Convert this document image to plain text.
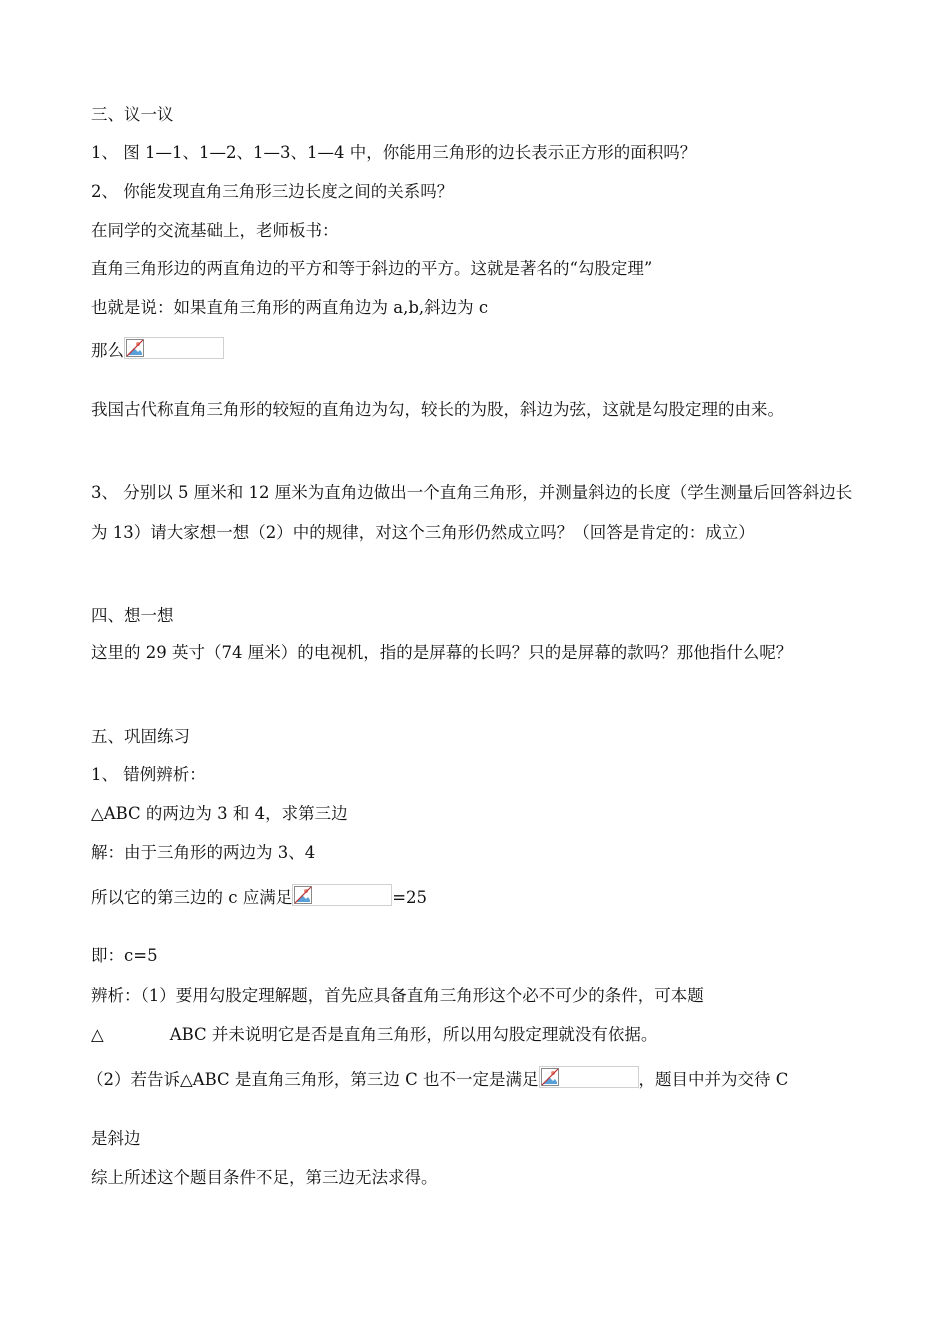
三、议一议
1、 图 1—1、1—2、1—3、1—4 中，你能用三角形的边长表示正方形的面积吗？
2、 你能发现直角三角形三边长度之间的关系吗？
在同学的交流基础上，老师板书：
直角三角形边的两直角边的平方和等于斜边的平方。这就是著名的“勾股定理”
也就是说：如果直角三角形的两直角边为 a,b,斜边为 c
那么
我国古代称直角三角形的较短的直角边为勾，较长的为股，斜边为弦，这就是勾股定理的由来。
3、 分别以 5 厘米和 12 厘米为直角边做出一个直角三角形，并测量斜边的长度（学生测量后回答斜边长为 13）请大家想一想（2）中的规律，对这个三角形仍然成立吗？（回答是肯定的：成立）
四、想一想
这里的 29 英寸（74 厘米）的电视机，指的是屏幕的长吗？只的是屏幕的款吗？那他指什么呢？
五、巩固练习
1、 错例辨析：
△ABC 的两边为 3 和 4，求第三边
解：由于三角形的两边为 3、4
所以它的第三边的 c 应满足	=25
即：c=5
辨析：（1）要用勾股定理解题，首先应具备直角三角形这个必不可少的条件，可本题
△	ABC 并未说明它是否是直角三角形，所以用勾股定理就没有依据。
（2）若告诉△ABC 是直角三角形，第三边 C 也不一定是满足	，题目中并为交待 C
是斜边
综上所述这个题目条件不足，第三边无法求得。
